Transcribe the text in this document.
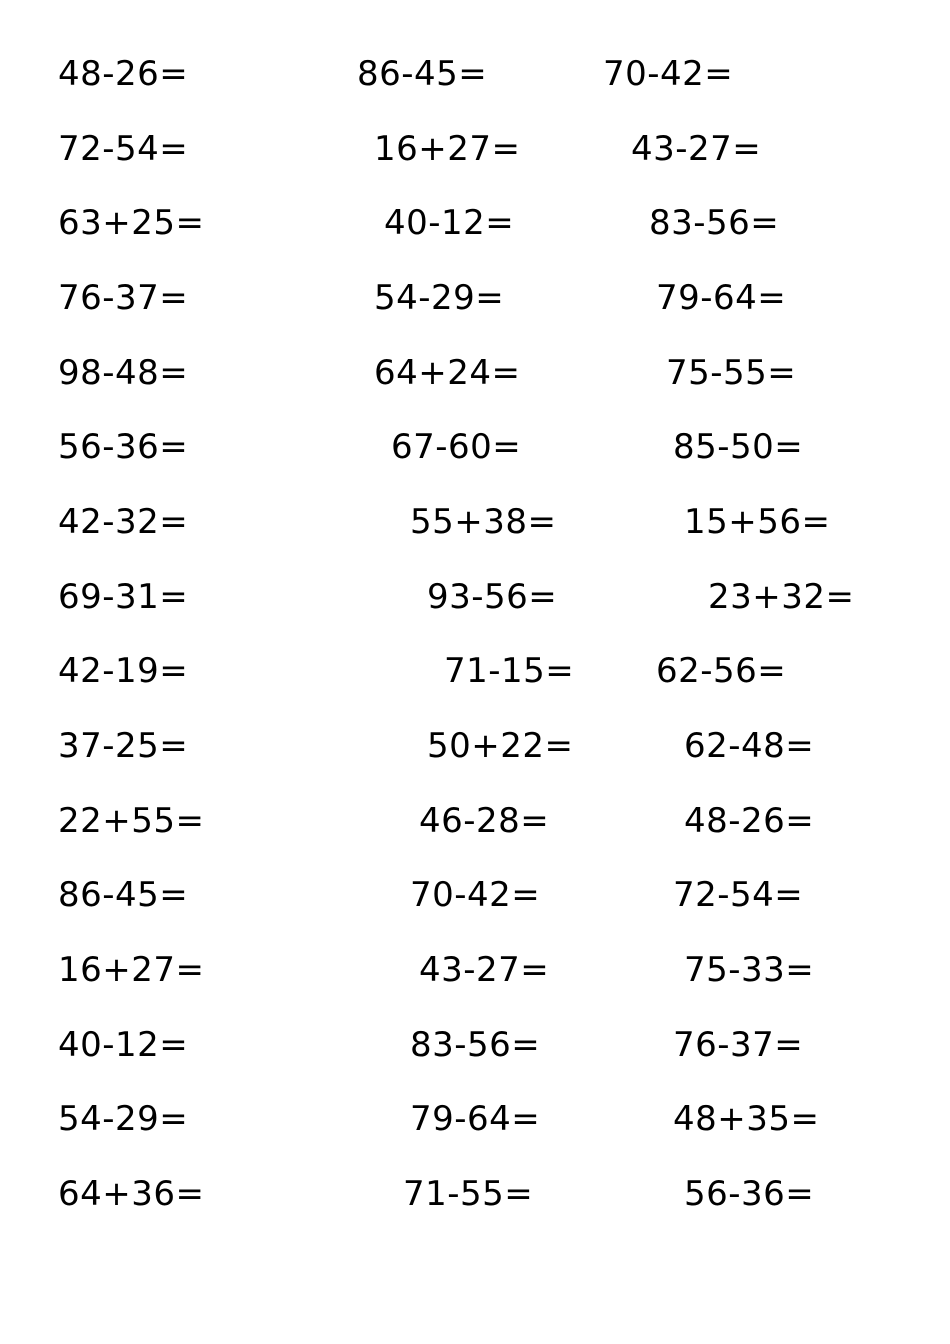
48-26=	86-45=	70-42=
72-54=	16+27=	43-27=
63+25=	40-12=	83-56=
76-37=	54-29=	79-64=
98-48=	64+24=	75-55=
56-36=	67-60=	85-50=
42-32=	55+38=	15+56=
69-31=	93-56=	23+32=
42-19=	71-15= 62-56=
37-25=	50+22=	62-48=
22+55=	46-28=	48-26=
86-45=	70-42=	72-54=
16+27=	43-27=	75-33=
40-12=	83-56=	76-37=
54-29=	79-64=	48+35=
64+36=	71-55=	56-36=
